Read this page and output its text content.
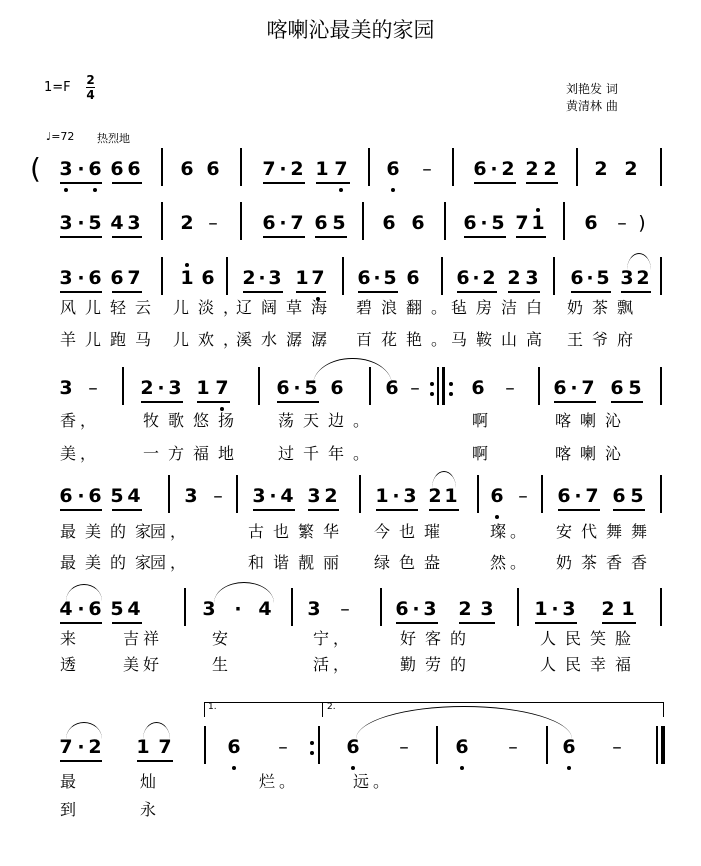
喀喇沁最美的家园
1=F 2
4	刘艳发 词
黄清林 曲
♩=72 热烈地
1.	2.
( 3 · 6 6 6 6 6 7 · 2 1 7 6 – 6 · 2 2 2 2 2
3 · 5 4 3 2 – 6 · 7 6 5 6 6 6 · 5 7 1 6 – )
3 · 6 6 7 1 6 2 · 3 1 7 6 · 5 6 6 · 2 2 3 6 · 5 3 2
风儿轻云 儿淡，
辽阔草海 碧浪翻。
毡房洁白 奶茶飘
羊儿跑马 儿欢，
溪水潺潺 百花艳。
马鞍山高 王爷府
3 – 2 · 3 1 7	6 · 5 6 6 –	6 – 6 · 7 6 5
香，	牧歌悠扬 荡天边。	啊	喀喇沁
美，	一方福地 过千年。	啊	喀喇沁
6 · 6 5 4 3 – 3 · 4 3 2 1 · 3 2 1 6 – 6 · 7 6 5
最美的家
园，	古也繁华 今也璀	璨。 安代舞舞
最美的家
园，	和谐靓丽 绿色盎	然。 奶茶香香
4 · 6 5 4	3 · 4 3 – 6 · 3 2 3 1 · 3 2 1
来	吉祥	安	宁，	好客的	人民笑脸
透	美好	生	活，	勤劳的	人民幸福
7 · 2 1 7	6 –	6 – 6 – 6 –
最	灿	烂。	远。
到	永
